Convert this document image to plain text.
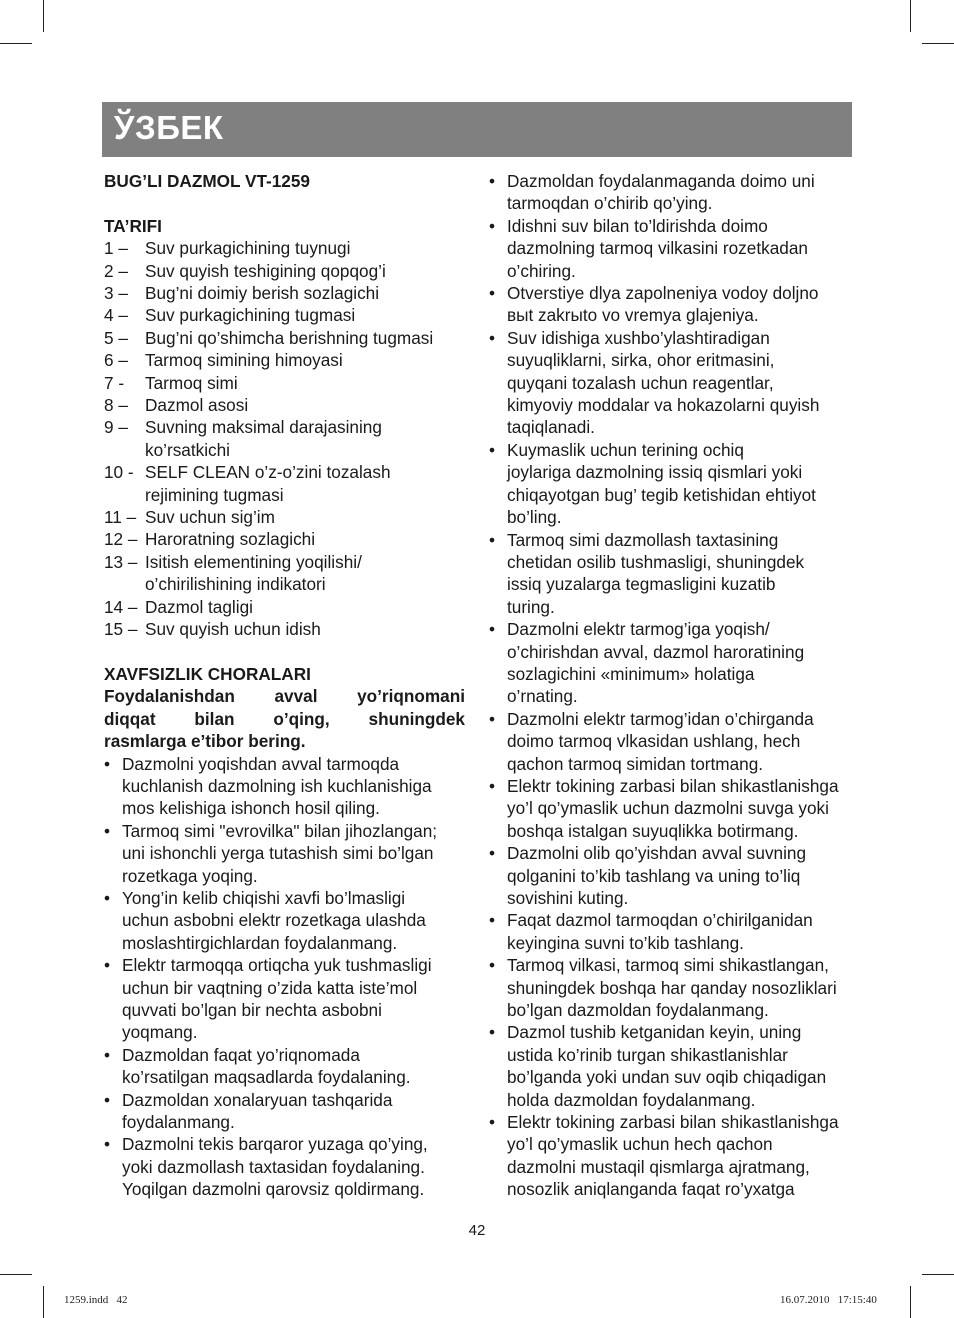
ЎЗБЕК
BUG’LI DAZMOL VT-1259
TA’RIFI
1 – Suv purkagichining tuynugi
2 – Suv quyish teshigining qopqog’i
3 – Bug’ni doimiy berish sozlagichi
4 – Suv purkagichining tugmasi
5 – Bug’ni qo’shimcha berishning tugmasi
6 – Tarmoq simining himoyasi
7 -	Tarmoq simi
8 – Dazmol asosi
9 – Suvning maksimal darajasining
ko’rsatkichi
10 - SELF CLEAN o’z-o’zini tozalash
rejimining tugmasi
11 – Suv uchun sig’im
12 – Haroratning sozlagichi
13 – Isitish elementining yoqilishi/
o’chirilishining indikatori
14 – Dazmol tagligi
15 – Suv quyish uchun idish
XAVFSIZLIK CHORALARI
Foydalanishdan avval yo’riqnomani
diqqat bilan o’qing, shuningdek
rasmlarga e’tibor bering.
• Dazmolni yoqishdan avval tarmoqda
kuchlanish dazmolning ish kuchlanishiga
mos kelishiga ishonch hosil qiling.
• Tarmoq simi "evrovilka" bilan jihozlangan;
uni ishonchli yerga tutashish simi bo’lgan
rozetkaga yoqing.
• Yong’in kelib chiqishi xavfi bo’lmasligi
uchun asbobni elektr rozetkaga ulashda
moslashtirgichlardan foydalanmang.
• Elektr tarmoqqa ortiqcha yuk tushmasligi
uchun bir vaqtning o’zida katta iste’mol
quvvati bo’lgan bir nechta asbobni
yoqmang.
• Dazmoldan faqat yo’riqnomada
ko’rsatilgan maqsadlarda foydalaning.
• Dazmoldan xonalaryuan tashqarida
foydalanmang.
• Dazmolni tekis barqaror yuzaga qo’ying,
yoki dazmollash taxtasidan foydalaning.
Yoqilgan dazmolni qarovsiz qoldirmang.
• Dazmoldan foydalanmaganda doimo uni
tarmoqdan o’chirib qo’ying.
• Idishni suv bilan to’ldirishda doimo
dazmolning tarmoq vilkasini rozetkadan
o’chiring.
• Otverstiye dlya zapolneniya vodoy doljno
выt zakrыto vo vremya glajeniya.
• Suv idishiga xushbo’ylashtiradigan
suyuqliklarni, sirka, ohor eritmasini,
quyqani tozalash uchun reagentlar,
kimyoviy moddalar va hokazolarni quyish
taqiqlanadi.
• Kuymaslik uchun terining ochiq
joylariga dazmolning issiq qismlari yoki
chiqayotgan bug’ tegib ketishidan ehtiyot
bo’ling.
• Tarmoq simi dazmollash taxtasining
chetidan osilib tushmasligi, shuningdek
issiq yuzalarga tegmasligini kuzatib
turing.
• Dazmolni elektr tarmog’iga yoqish/
o’chirishdan avval, dazmol haroratining
sozlagichini «minimum» holatiga
o’rnating.
• Dazmolni elektr tarmog’idan o’chirganda
doimo tarmoq vlkasidan ushlang, hech
qachon tarmoq simidan tortmang.
• Elektr tokining zarbasi bilan shikastlanishga
yo’l qo’ymaslik uchun dazmolni suvga yoki
boshqa istalgan suyuqlikka botirmang.
• Dazmolni olib qo’yishdan avval suvning
qolganini to’kib tashlang va uning to’liq
sovishini kuting.
• Faqat dazmol tarmoqdan o’chirilganidan
keyingina suvni to’kib tashlang.
• Tarmoq vilkasi, tarmoq simi shikastlangan,
shuningdek boshqa har qanday nosozliklari
bo’lgan dazmoldan foydalanmang.
• Dazmol tushib ketganidan keyin, uning
ustida ko’rinib turgan shikastlanishlar
bo’lganda yoki undan suv oqib chiqadigan
holda dazmoldan foydalanmang.
• Elektr tokining zarbasi bilan shikastlanishga
yo’l qo’ymaslik uchun hech qachon
dazmolni mustaqil qismlarga ajratmang,
nosozlik aniqlanganda faqat ro’yxatga
42
1259.indd   42	16.07.2010   17:15:40
